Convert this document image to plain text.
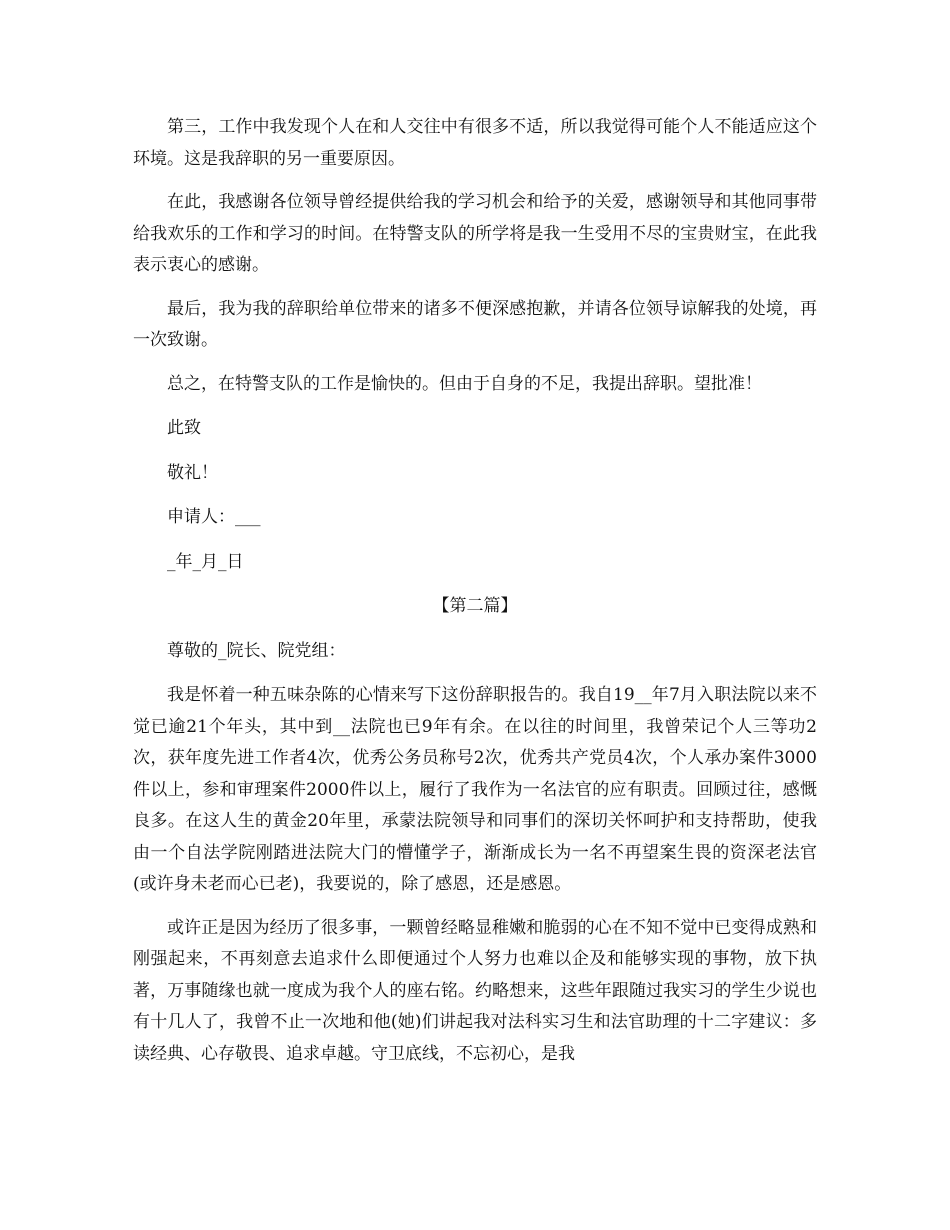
第三，工作中我发现个人在和人交往中有很多不适，所以我觉得可能个人不能适应这个环境。这是我辞职的另一重要原因。

在此，我感谢各位领导曾经提供给我的学习机会和给予的关爱，感谢领导和其他同事带给我欢乐的工作和学习的时间。在特警支队的所学将是我一生受用不尽的宝贵财宝，在此我表示衷心的感谢。

最后，我为我的辞职给单位带来的诸多不便深感抱歉，并请各位领导谅解我的处境，再一次致谢。

总之，在特警支队的工作是愉快的。但由于自身的不足，我提出辞职。望批准！

此致
敬礼！
申请人：___
_年_月_日
【第二篇】
尊敬的_院长、院党组：

我是怀着一种五味杂陈的心情来写下这份辞职报告的。我自19__年7月入职法院以来不觉已逾21个年头，其中到__法院也已9年有余。在以往的时间里，我曾荣记个人三等功2次，获年度先进工作者4次，优秀公务员称号2次，优秀共产党员4次，个人承办案件3000件以上，参和审理案件2000件以上，履行了我作为一名法官的应有职责。回顾过往，感慨良多。在这人生的黄金20年里，承蒙法院领导和同事们的深切关怀呵护和支持帮助，使我由一个自法学院刚踏进法院大门的懵懂学子，渐渐成长为一名不再望案生畏的资深老法官(或许身未老而心已老)，我要说的，除了感恩，还是感恩。

或许正是因为经历了很多事，一颗曾经略显稚嫩和脆弱的心在不知不觉中已变得成熟和刚强起来，不再刻意去追求什么即便通过个人努力也难以企及和能够实现的事物，放下执著，万事随缘也就一度成为我个人的座右铭。约略想来，这些年跟随过我实习的学生少说也有十几人了，我曾不止一次地和他(她)们讲起我对法科实习生和法官助理的十二字建议：多读经典、心存敬畏、追求卓越。守卫底线，不忘初心，是我
